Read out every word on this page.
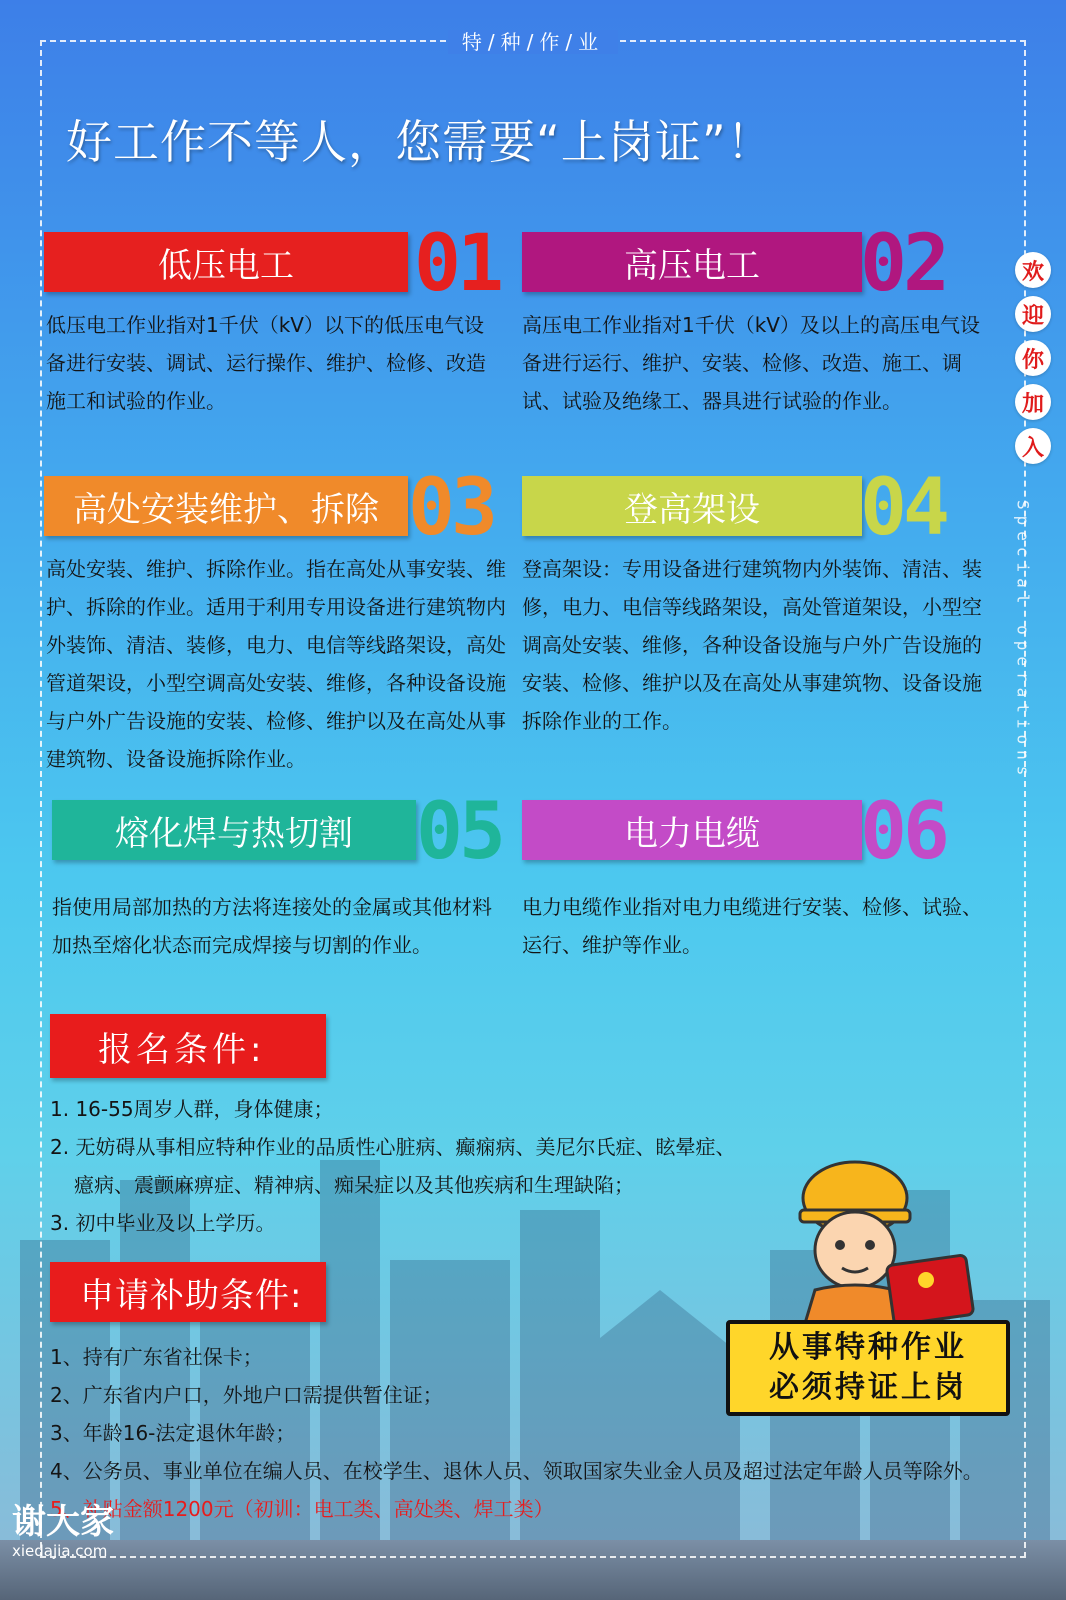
特/种/作/业
好工作不等人，您需要“上岗证”！
欢
迎
你
加
入
Special operations
低压电工 01
低压电工作业指对1千伏（kV）以下的低压电气设备进行安装、调试、运行操作、维护、检修、改造施工和试验的作业。
高压电工 02
高压电工作业指对1千伏（kV）及以上的高压电气设备进行运行、维护、安装、检修、改造、施工、调试、试验及绝缘工、器具进行试验的作业。
高处安装维护、拆除 03
高处安装、维护、拆除作业。指在高处从事安装、维护、拆除的作业。适用于利用专用设备进行建筑物内外装饰、清洁、装修，电力、电信等线路架设，高处管道架设，小型空调高处安装、维修，各种设备设施与户外广告设施的安装、检修、维护以及在高处从事建筑物、设备设施拆除作业。
登高架设 04
登高架设：专用设备进行建筑物内外装饰、清洁、装修，电力、电信等线路架设，高处管道架设，小型空调高处安装、维修，各种设备设施与户外广告设施的安装、检修、维护以及在高处从事建筑物、设备设施拆除作业的工作。
熔化焊与热切割 05
指使用局部加热的方法将连接处的金属或其他材料加热至熔化状态而完成焊接与切割的作业。
电力电缆 06
电力电缆作业指对电力电缆进行安装、检修、试验、运行、维护等作业。
报名条件:
1. 16-55周岁人群，身体健康；
2. 无妨碍从事相应特种作业的品质性心脏病、癫痫病、美尼尔氏症、眩晕症、
癔病、震颤麻痹症、精神病、痴呆症以及其他疾病和生理缺陷；
3. 初中毕业及以上学历。
申请补助条件:
1、持有广东省社保卡；
2、广东省内户口，外地户口需提供暂住证；
3、年龄16-法定退休年龄；
4、公务员、事业单位在编人员、在校学生、退休人员、领取国家失业金人员及超过法定年龄人员等除外。
5、补贴金额1200元（初训：电工类、高处类、焊工类）
从事特种作业
必须持证上岗
谢大家
xiedajia.com
